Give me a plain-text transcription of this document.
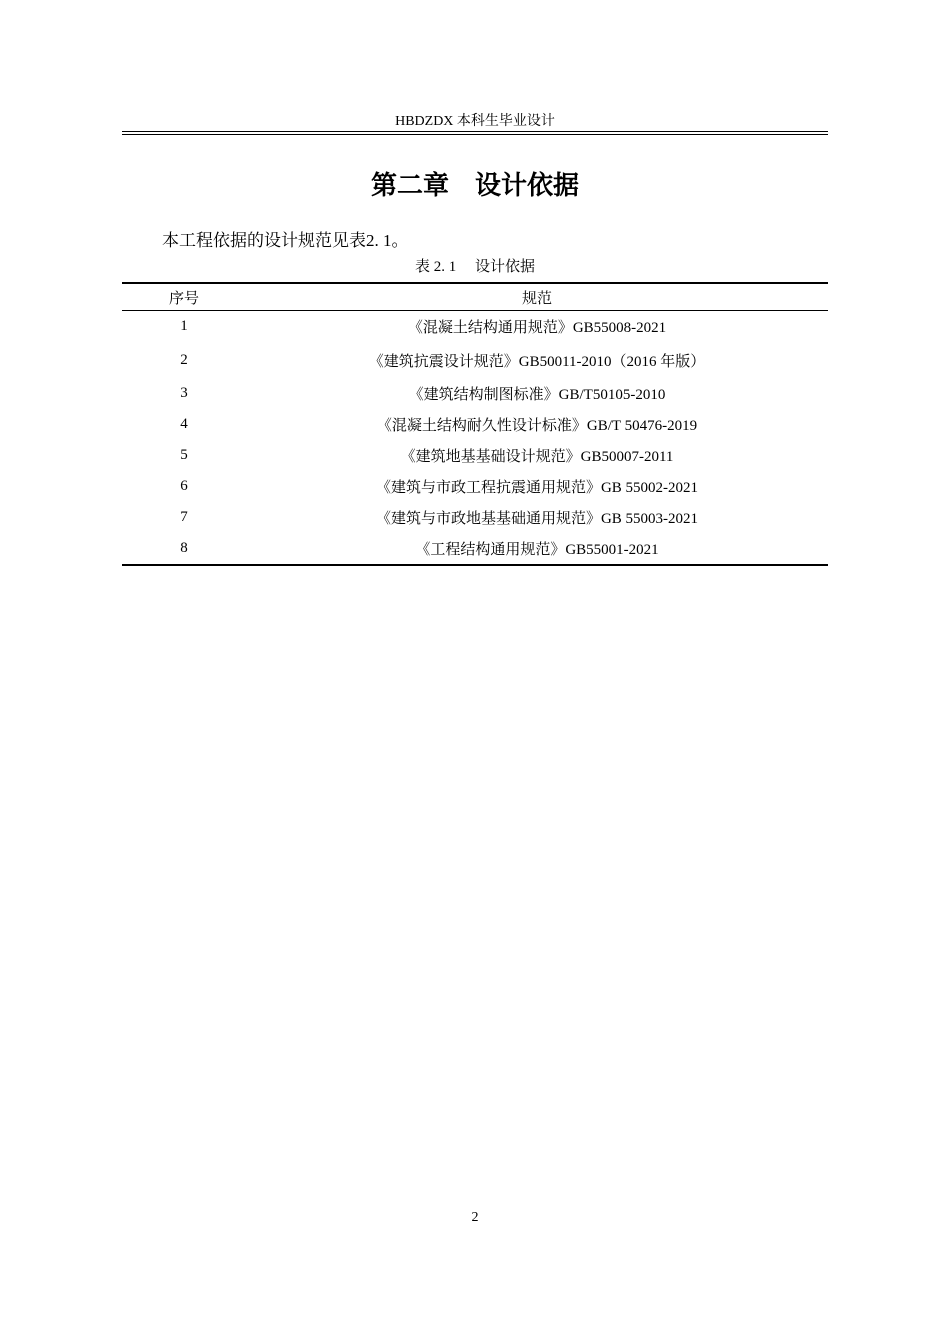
HBDZDX 本科生毕业设计
第二章　设计依据

本工程依据的设计规范见表2. 1。

表 2. 1　 设计依据
序号	规范
1	《混凝土结构通用规范》GB55008-2021
2	《建筑抗震设计规范》GB50011-2010（2016 年版）
3	《建筑结构制图标准》GB/T50105-2010
4	《混凝土结构耐久性设计标准》GB/T 50476-2019
5	《建筑地基基础设计规范》GB50007-2011
6	《建筑与市政工程抗震通用规范》GB 55002-2021
7	《建筑与市政地基基础通用规范》GB 55003-2021
8	《工程结构通用规范》GB55001-2021
2
